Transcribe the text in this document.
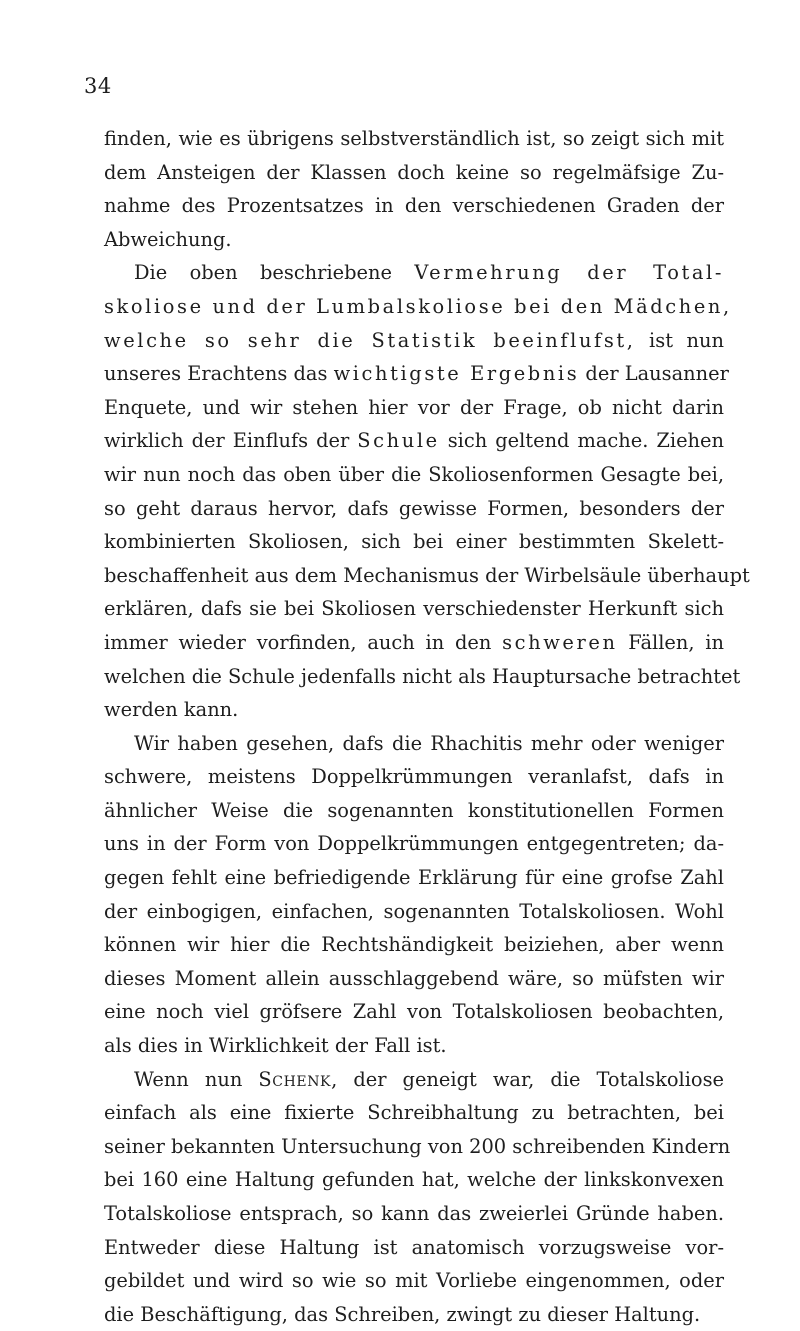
34
finden, wie es übrigens selbstverständlich ist, so zeigt sich mit
dem Ansteigen der Klassen doch keine so regelmäfsige Zu-
nahme des Prozentsatzes in den verschiedenen Graden der
Abweichung.
Die oben beschriebene Vermehrung der Total-
skoliose und der Lumbalskoliose bei den Mädchen,
welche so sehr die Statistik beeinflufst, ist nun
unseres Erachtens das wichtigste Ergebnis der Lausanner
Enquete, und wir stehen hier vor der Frage, ob nicht darin
wirklich der Einflufs der Schule sich geltend mache. Ziehen
wir nun noch das oben über die Skoliosenformen Gesagte bei,
so geht daraus hervor, dafs gewisse Formen, besonders der
kombinierten Skoliosen, sich bei einer bestimmten Skelett-
beschaffenheit aus dem Mechanismus der Wirbelsäule überhaupt
erklären, dafs sie bei Skoliosen verschiedenster Herkunft sich
immer wieder vorfinden, auch in den schweren Fällen, in
welchen die Schule jedenfalls nicht als Hauptursache betrachtet
werden kann.
Wir haben gesehen, dafs die Rhachitis mehr oder weniger
schwere, meistens Doppelkrümmungen veranlafst, dafs in
ähnlicher Weise die sogenannten konstitutionellen Formen
uns in der Form von Doppelkrümmungen entgegentreten; da-
gegen fehlt eine befriedigende Erklärung für eine grofse Zahl
der einbogigen, einfachen, sogenannten Totalskoliosen. Wohl
können wir hier die Rechtshändigkeit beiziehen, aber wenn
dieses Moment allein ausschlaggebend wäre, so müfsten wir
eine noch viel gröfsere Zahl von Totalskoliosen beobachten,
als dies in Wirklichkeit der Fall ist.
Wenn nun Schenk, der geneigt war, die Totalskoliose
einfach als eine fixierte Schreibhaltung zu betrachten, bei
seiner bekannten Untersuchung von 200 schreibenden Kindern
bei 160 eine Haltung gefunden hat, welche der linkskonvexen
Totalskoliose entsprach, so kann das zweierlei Gründe haben.
Entweder diese Haltung ist anatomisch vorzugsweise vor-
gebildet und wird so wie so mit Vorliebe eingenommen, oder
die Beschäftigung, das Schreiben, zwingt zu dieser Haltung.
